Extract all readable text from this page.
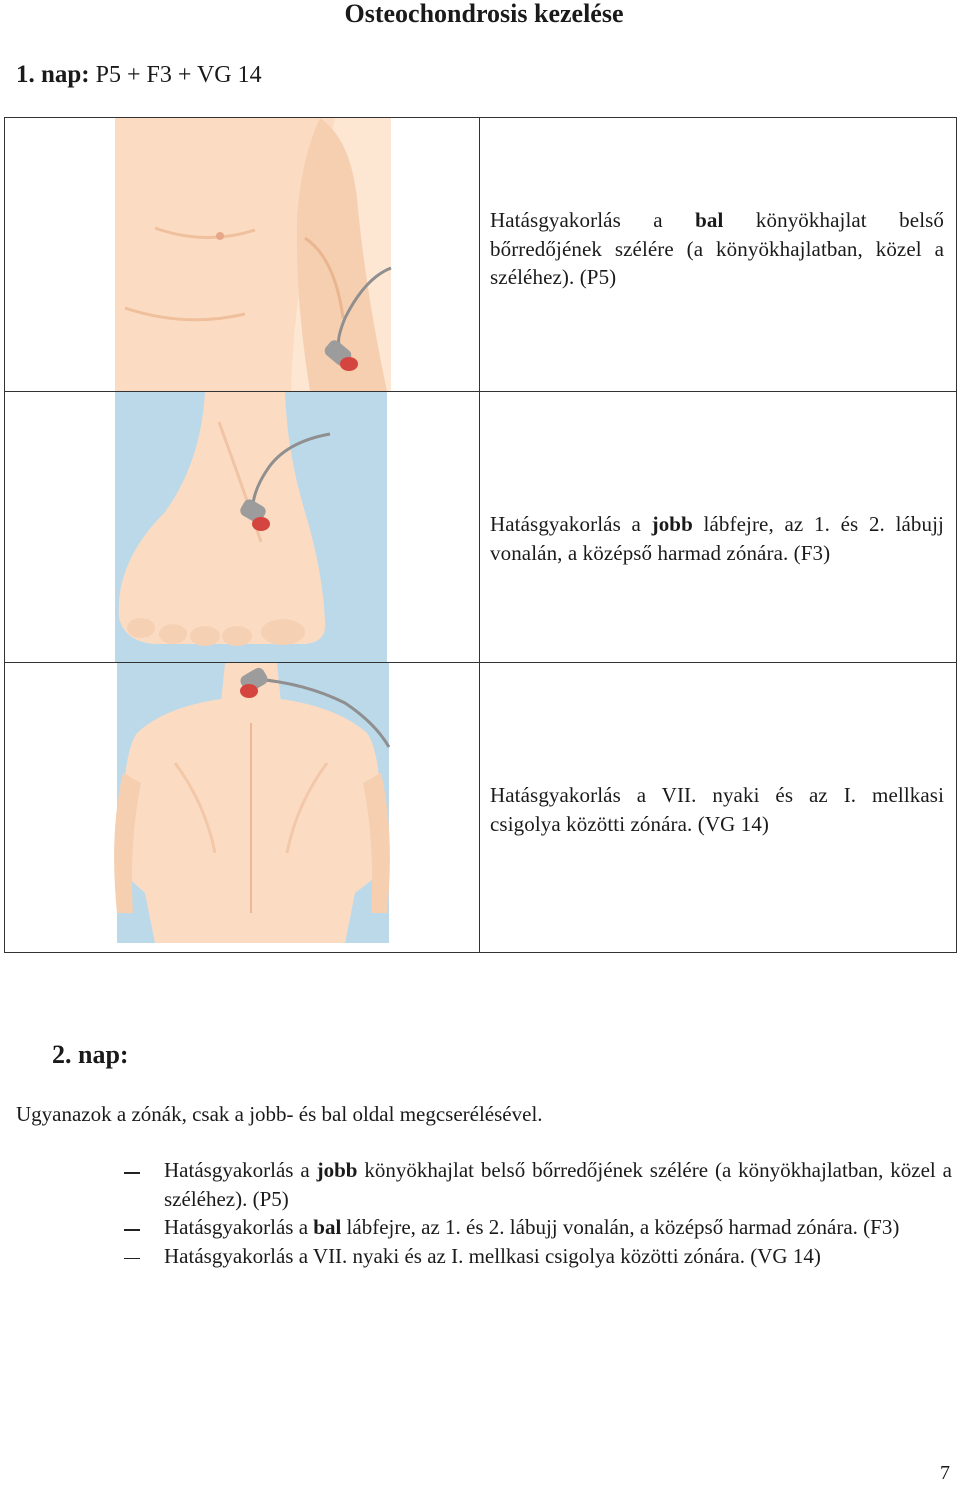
Osteochondrosis kezelése
1. nap: P5 + F3 + VG 14

Hatásgyakorlás a bal könyökhajlat belső bőrredőjének szélére (a könyökhajlatban, közel a széléhez). (P5)

Hatásgyakorlás a jobb lábfejre, az 1. és 2. lábujj vonalán, a középső harmad zónára. (F3)

Hatásgyakorlás a VII. nyaki és az I. mellkasi csigolya közötti zónára. (VG 14)
2. nap:
Ugyanazok a zónák, csak a jobb- és bal oldal megcserélésével.
Hatásgyakorlás a jobb könyökhajlat belső bőrredőjének szélére (a könyökhajlatban, közel a széléhez). (P5)
Hatásgyakorlás a bal lábfejre, az 1. és 2. lábujj vonalán, a középső harmad zónára. (F3)
Hatásgyakorlás a VII. nyaki és az I. mellkasi csigolya közötti zónára. (VG 14)
7
